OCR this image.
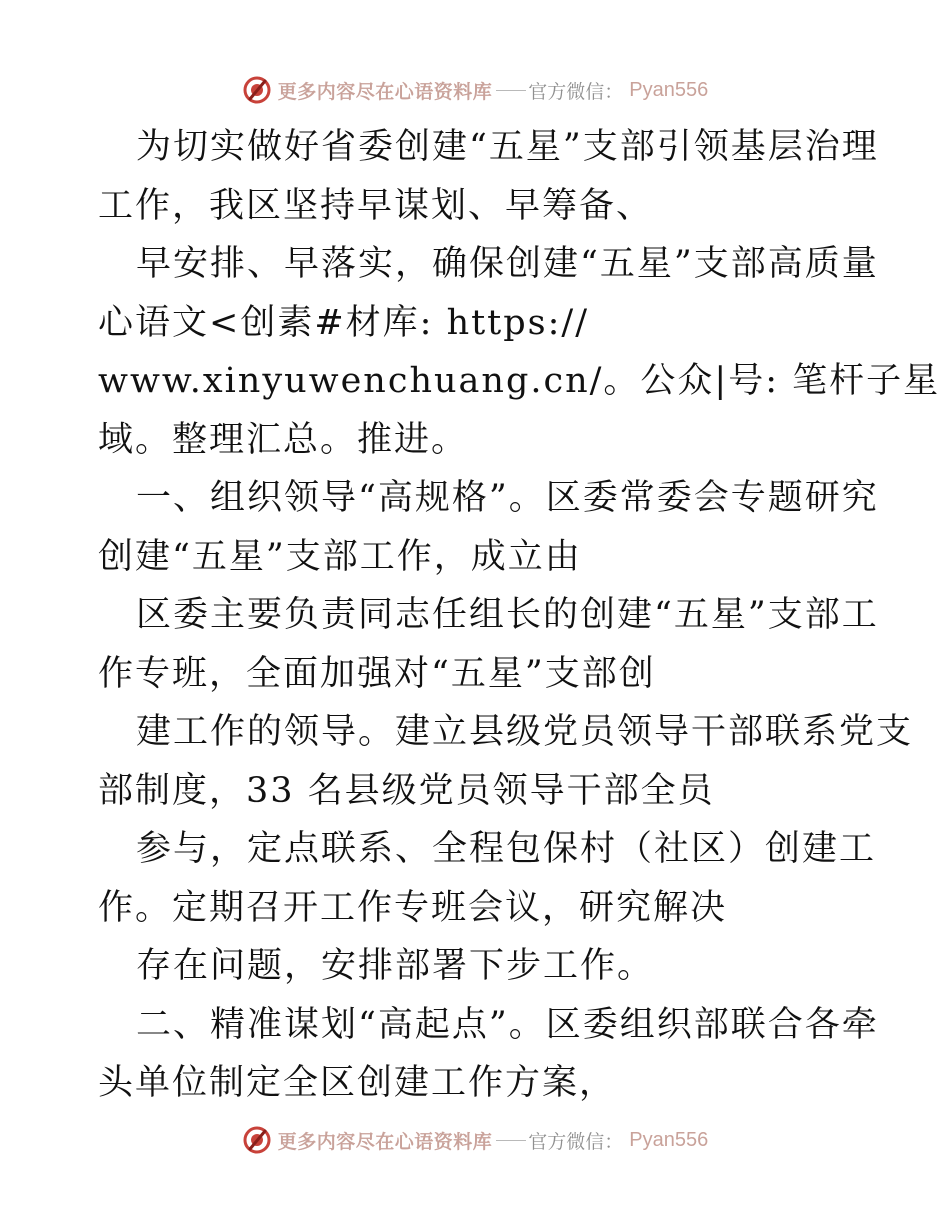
更多内容尽在心语资料库 官方微信 ： Pyan556
为切实做好省委创建“五星”支部引领基层治理
工作，我区坚持早谋划、早筹备、
早安排、早落实，确保创建“五星”支部高质量
心语文<创素#材库: https://
www.xinyuwenchuang.cn/。公众|号: 笔杆子星
域。整理汇总。推进。
一、组织领导“高规格”。区委常委会专题研究
创建“五星”支部工作，成立由
区委主要负责同志任组长的创建“五星”支部工
作专班，全面加强对“五星”支部创
建工作的领导。建立县级党员领导干部联系党支
部制度，33 名县级党员领导干部全员
参与，定点联系、全程包保村（社区）创建工
作。定期召开工作专班会议，研究解决
存在问题，安排部署下步工作。
二、精准谋划“高起点”。区委组织部联合各牵
头单位制定全区创建工作方案，
更多内容尽在心语资料库 官方微信 ： Pyan556
